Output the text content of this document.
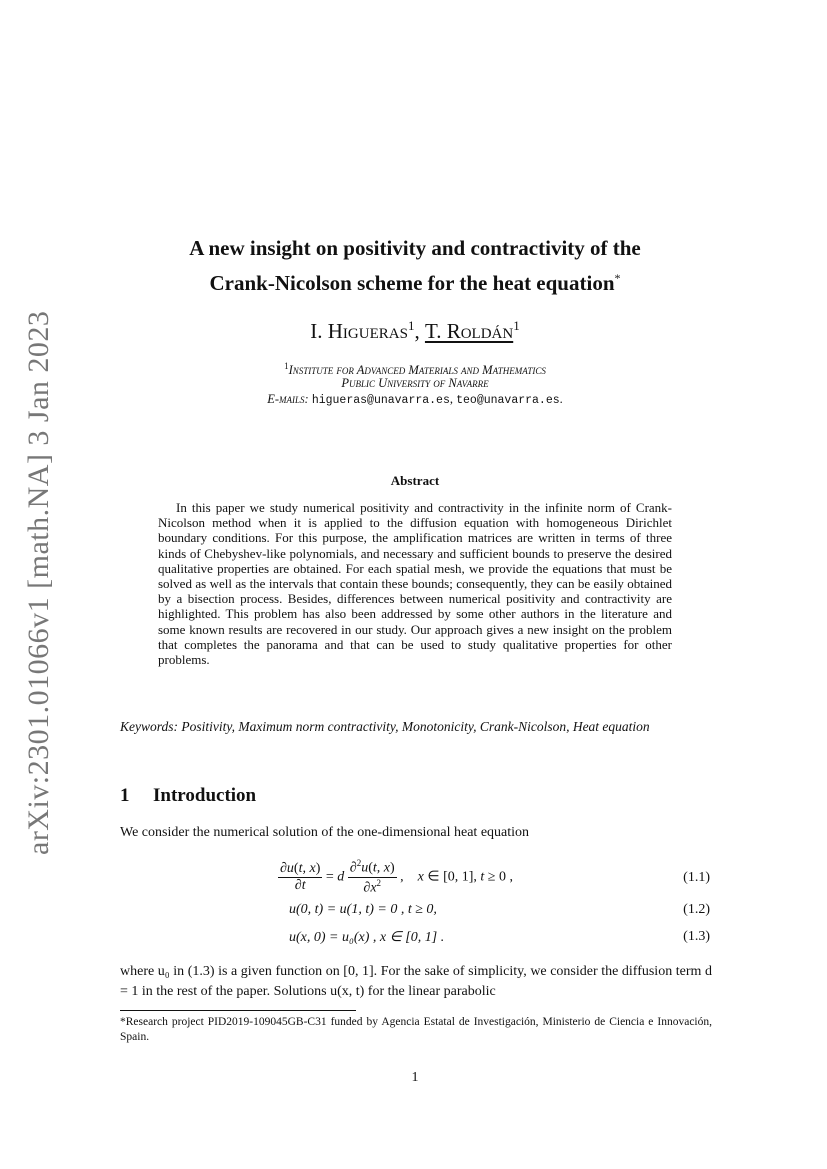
arXiv:2301.01066v1 [math.NA] 3 Jan 2023
A new insight on positivity and contractivity of the
Crank-Nicolson scheme for the heat equation*
I. Higueras$^1$, T. Roldán$^1$
$^1$Institute for Advanced Materials and Mathematics
Public University of Navarre
E-mails: higueras@unavarra.es, teo@unavarra.es.
Abstract
In this paper we study numerical positivity and contractivity in the infinite norm of Crank-Nicolson method when it is applied to the diffusion equation with homogeneous Dirichlet boundary conditions. For this purpose, the amplification matrices are written in terms of three kinds of Chebyshev-like polynomials, and necessary and sufficient bounds to preserve the desired qualitative properties are obtained. For each spatial mesh, we provide the equations that must be solved as well as the intervals that contain these bounds; consequently, they can be easily obtained by a bisection process. Besides, differences between numerical positivity and contractivity are highlighted. This problem has also been addressed by some other authors in the literature and some known results are recovered in our study. Our approach gives a new insight on the problem that completes the panorama and that can be used to study qualitative properties for other problems.
Keywords: Positivity, Maximum norm contractivity, Monotonicity, Crank-Nicolson, Heat equation
1 Introduction
We consider the numerical solution of the one-dimensional heat equation
$\frac{\partial u(t, x)}{\partial t} = d \frac{\partial^2u(t, x)}{\partial x^2}$ ,    x ∈ [0, 1], t ≥ 0 ,	(1.1)
u(0, t) = u(1, t) = 0 , t ≥ 0,	(1.2)
u(x, 0) = u₀(x) , x ∈ [0, 1] .	(1.3)
where u₀ in (1.3) is a given function on [0, 1]. For the sake of simplicity, we consider the diffusion term d = 1 in the rest of the paper. Solutions u(x, t) for the linear parabolic
*Research project PID2019-109045GB-C31 funded by Agencia Estatal de Investigación, Ministerio de Ciencia e Innovación, Spain.
1
